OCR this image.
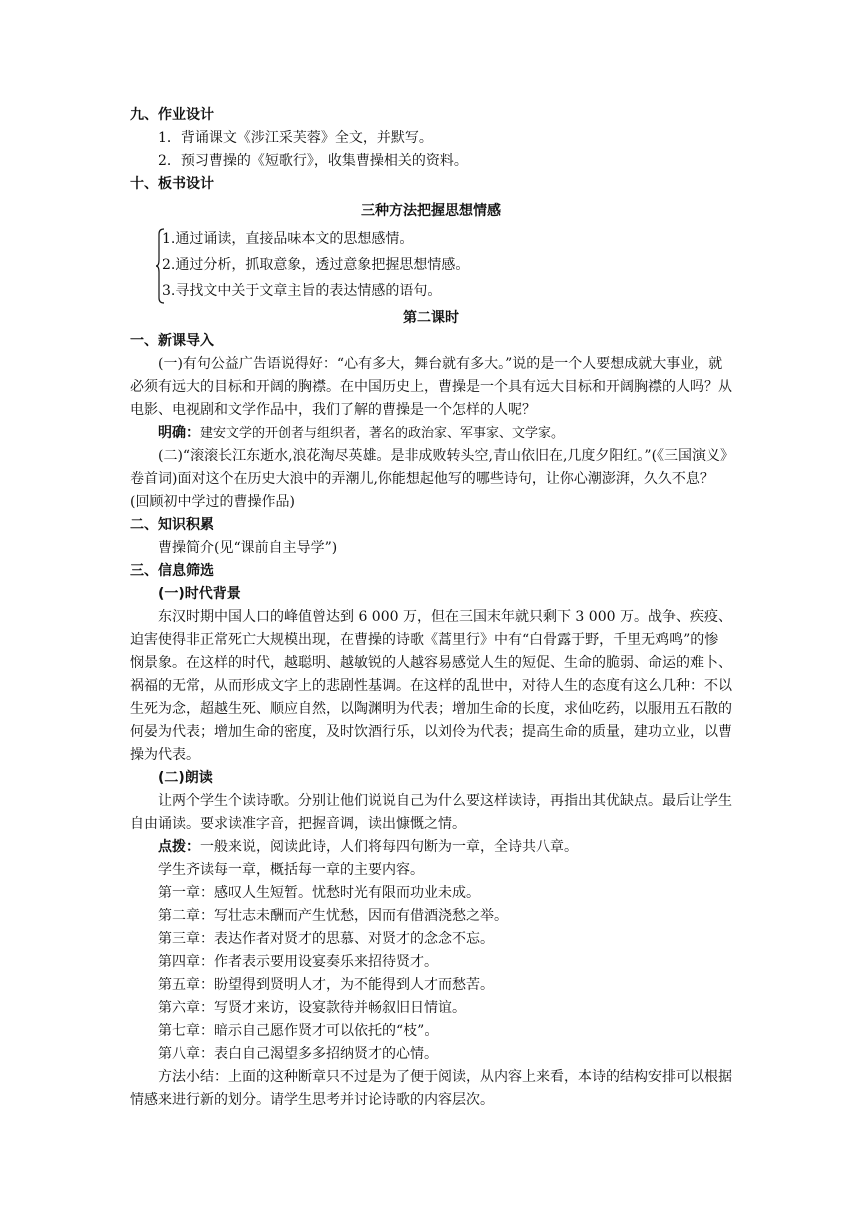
九、作业设计

1．背诵课文《涉江采芙蓉》全文，并默写。

2．预习曹操的《短歌行》，收集曹操相关的资料。

十、板书设计

三种方法把握思想情感

1.通过诵读，直接品味本文的思想感情。

2.通过分析，抓取意象，透过意象把握思想情感。

3.寻找文中关于文章主旨的表达情感的语句。

第二课时

一、新课导入

(一)有句公益广告语说得好：“心有多大，舞台就有多大。”说的是一个人要想成就大事业，就必须有远大的目标和开阔的胸襟。在中国历史上，曹操是一个具有远大目标和开阔胸襟的人吗？从电影、电视剧和文学作品中，我们了解的曹操是一个怎样的人呢？

明确：建安文学的开创者与组织者，著名的政治家、军事家、文学家。

(二)“滚滚长江东逝水,浪花淘尽英雄。是非成败转头空,青山依旧在,几度夕阳红。”(《三国演义》卷首词)面对这个在历史大浪中的弄潮儿,你能想起他写的哪些诗句，让你心潮澎湃，久久不息？(回顾初中学过的曹操作品)

二、知识积累

曹操简介(见“课前自主导学”)

三、信息筛选

(一)时代背景

东汉时期中国人口的峰值曾达到 6 000 万，但在三国末年就只剩下 3 000 万。战争、疾疫、迫害使得非正常死亡大规模出现，在曹操的诗歌《蒿里行》中有“白骨露于野，千里无鸡鸣”的惨悯景象。在这样的时代，越聪明、越敏锐的人越容易感觉人生的短促、生命的脆弱、命运的难卜、祸福的无常，从而形成文字上的悲剧性基调。在这样的乱世中，对待人生的态度有这么几种：不以生死为念，超越生死、顺应自然，以陶渊明为代表；增加生命的长度，求仙吃药，以服用五石散的何晏为代表；增加生命的密度，及时饮酒行乐，以刘伶为代表；提高生命的质量，建功立业，以曹操为代表。

(二)朗读

让两个学生个读诗歌。分别让他们说说自己为什么要这样读诗，再指出其优缺点。最后让学生自由诵读。要求读准字音，把握音调，读出慷慨之情。

点拨：一般来说，阅读此诗，人们将每四句断为一章，全诗共八章。

学生齐读每一章，概括每一章的主要内容。

第一章：感叹人生短暂。忧愁时光有限而功业未成。

第二章：写壮志未酬而产生忧愁，因而有借酒浇愁之举。

第三章：表达作者对贤才的思慕、对贤才的念念不忘。

第四章：作者表示要用设宴奏乐来招待贤才。

第五章：盼望得到贤明人才，为不能得到人才而愁苦。

第六章：写贤才来访，设宴款待并畅叙旧日情谊。

第七章：暗示自己愿作贤才可以依托的“枝”。

第八章：表白自己渴望多多招纳贤才的心情。

方法小结：上面的这种断章只不过是为了便于阅读，从内容上来看，本诗的结构安排可以根据情感来进行新的划分。请学生思考并讨论诗歌的内容层次。
